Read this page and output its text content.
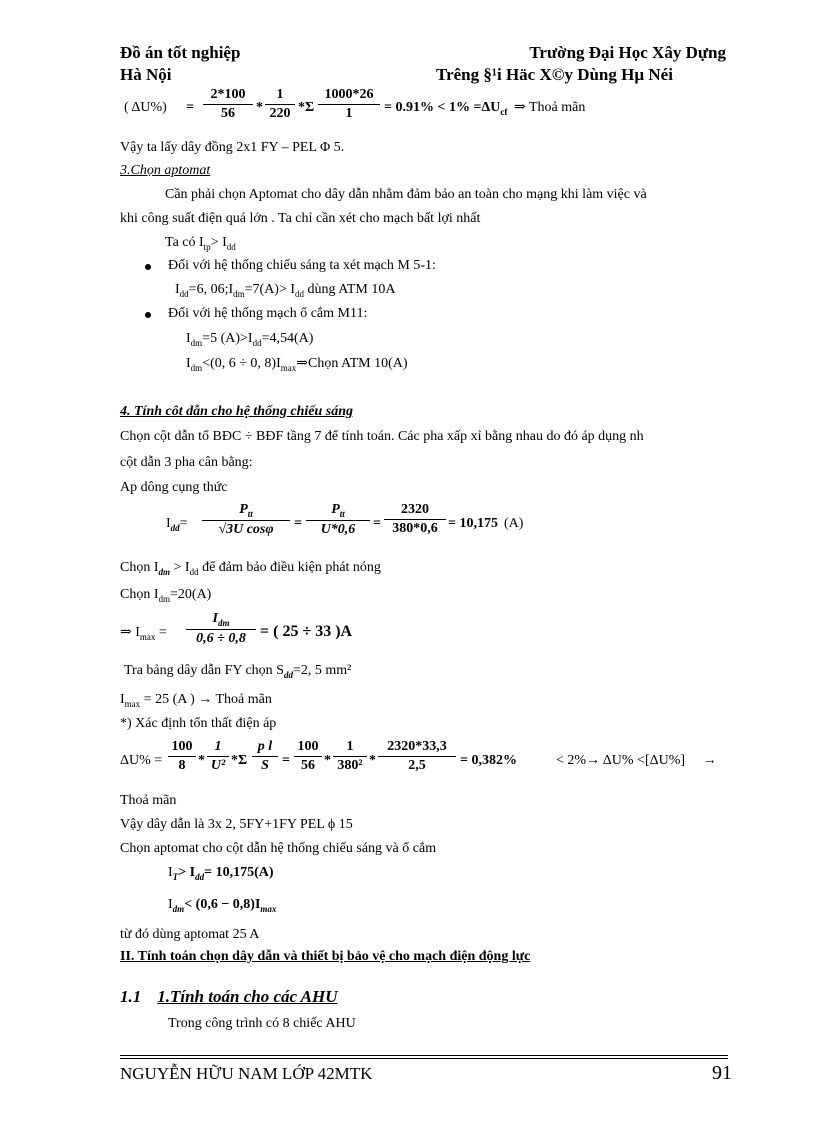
Đồ án tốt nghiệp	Trường Đại Học Xây Dựng
Hà Nội	Trêng §¹i Häc X©y Dùng Hµ Néi
( $\Delta U\%) = \frac{2*100}{56} * \frac{1}{220} *\Sigma \frac{1000*26}{1} = 0.91\% < 1\% =\Delta U_{cf}$ ⇒ Thoả mãn
Vậy ta lấy dây đồng 2x1 FY – PEL Φ 5.
3.Chọn aptomat
Cần phải chọn Aptomat cho dây dẫn nhằm đảm bảo an toàn cho mạng khi làm việc và
khi công suất điện quá lớn . Ta chỉ cần xét cho mạch bất lợi nhất
Ta có $I_{tp}> I_{dd}$
Đối với hệ thống chiếu sáng ta xét mạch M 5-1:
$I_{dd}=6$, $06;I_{dm}=7(A)> I_{dd}$ dùng ATM 10A
Đối với hệ thống mạch ổ cắm M11:
$I_{dm}=5$ $(A)>I_{dd}=4,54(A)$
$I_{dm}<(0$, 6 ÷ 0, $8)I_{max}\Rightarrow Chọn$ ATM 10(A)
4. Tính côt dẫn cho hệ thống chiếu sáng
Chọn cột dẫn tổ BĐC ÷ BĐF tầng 7 để tính toán. Các pha xấp xỉ bằng nhau do đó áp dụng nh
cột dẫn 3 pha cân bằng:
Ap dông cụng thức
$I_{dd}=$
$P_{tt}$
√3U cosφ	=
$P_{tt}$
U*0,6	= $\frac{2320}{380*0,6} = 10,175$ (A)
Chọn $I_{dm} > I_{dd}$ để đảm bảo điều kiện phát nóng
Chọn $I_{dm}=20(A)$
⇒ $I_{max}$ =
$I_{dm}$
0,6 ÷ 0,8 = ( 25 ÷ 33 )A
Tra bảng dây dẫn FY chọn $S_{dd}=2$, 5 mm²
$I_{max} = 25$ (A ) → Thoả mãn
*) Xác định tổn thất điện áp
$\Delta U\% = \frac{100}{8} * \frac{1}{\text{U²}} *\Sigma \frac{\text{p l}}{S} = \frac{100}{56} * \frac{1}{\text{380²}} * \frac{2320*33,3}{2,5} = 0,382\%$	< 2%→ ΔU% <[ΔU%] →
Thoả mãn
Vậy dây dẫn là 3x 2, 5FY+1FY PEL ϕ 15
Chọn aptomat cho cột dẫn hệ thống chiếu sáng và ổ cắm
$I_T> I_{dd}= 10,175(A)$
$I_{dm}< (0,6 - 0,8)I_{max}$
từ đó dùng aptomat 25 A
II. Tính toán chọn dây dẫn và thiết bị bảo vệ cho mạch điện động lực
1.1 1.Tính toán cho các AHU
Trong công trình có 8 chiếc AHU
NGUYỄN HỮU NAM LỚP 42MTK	91
